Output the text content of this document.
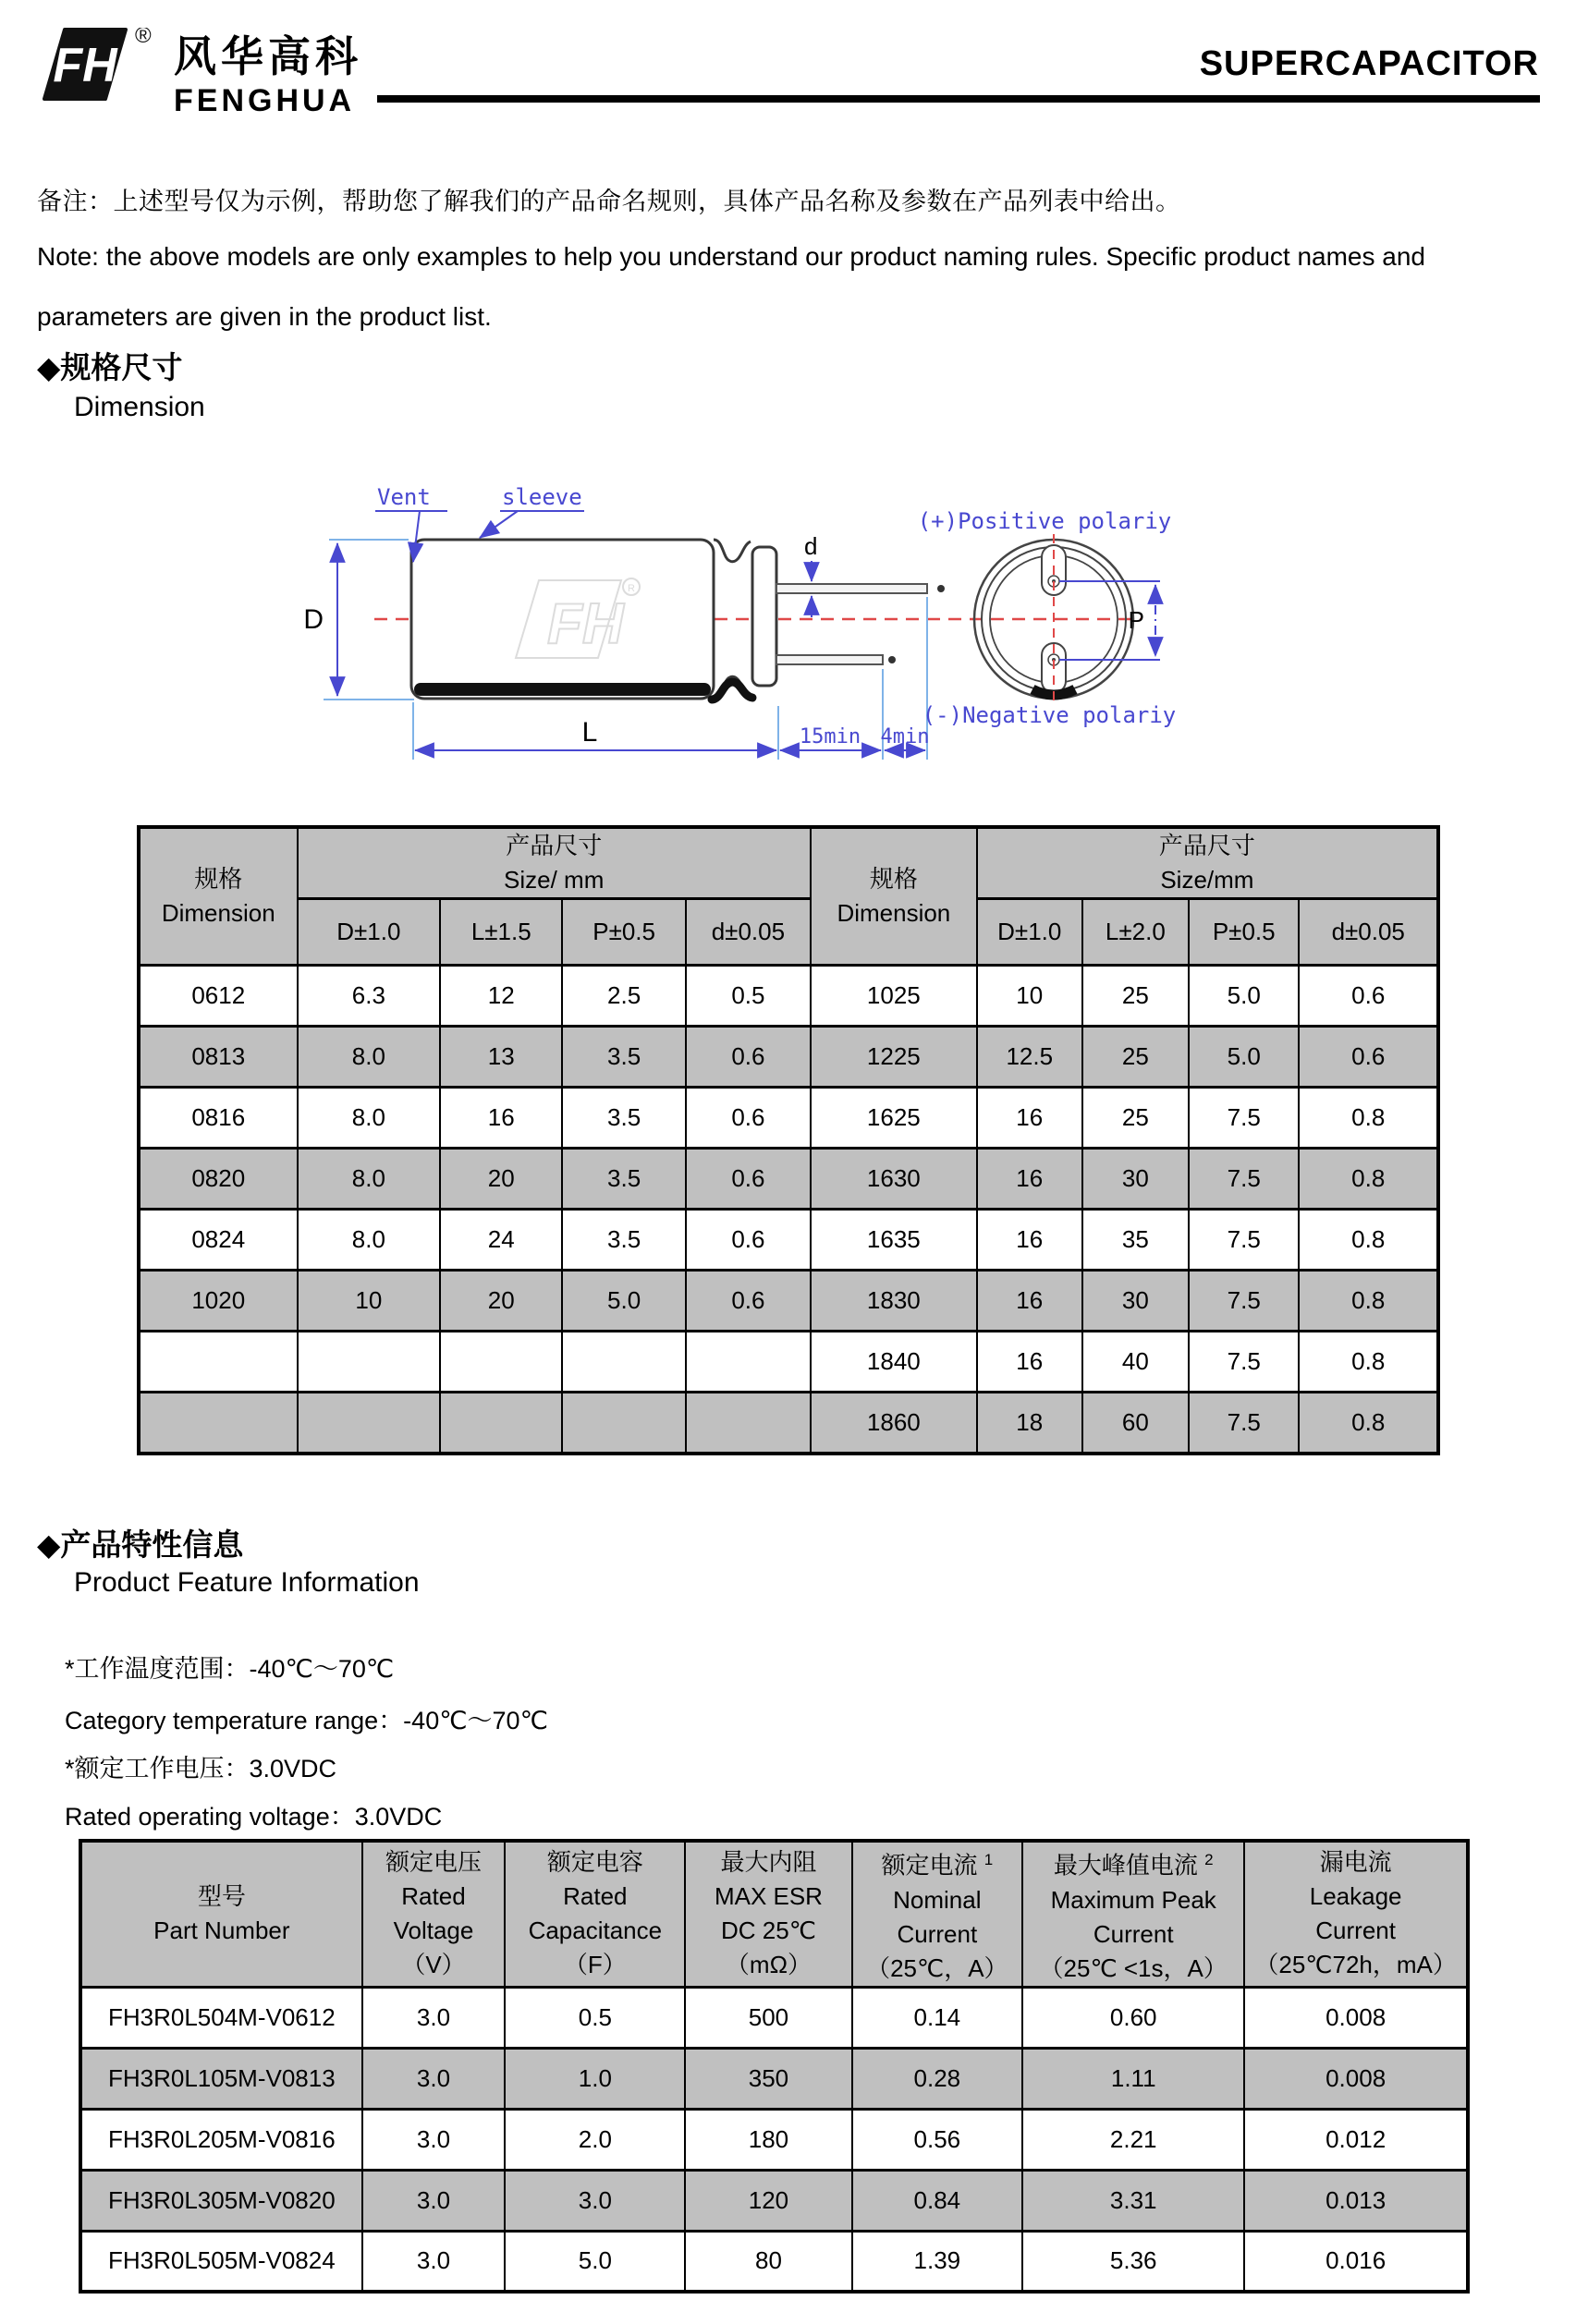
FH
® 风华高科
FENGHUA
SUPERCAPACITOR
备注：上述型号仅为示例，帮助您了解我们的产品命名规则，具体产品名称及参数在产品列表中给出。
Note: the above models are only examples to help you understand our product naming rules. Specific product names and
parameters are given in the product list.
◆规格尺寸
Dimension
FH
R
Vent	sleeve
D
L
d
15min 4min
P
(+)Positive polariy
(-)Negative polariy
规格
Dimension

产品尺寸
Size/ mm	规格
Dimension

产品尺寸
Size/mm

	D±1.0	L±1.5	P±0.5	d±0.05		D±1.0	L±2.0	P±0.5	d±0.05
0612	6.3	12	2.5	0.5	1025	10	25	5.0	0.6
0813	8.0	13	3.5	0.6	1225	12.5	25	5.0	0.6
0816	8.0	16	3.5	0.6	1625	16	25	7.5	0.8
0820	8.0	20	3.5	0.6	1630	16	30	7.5	0.8
0824	8.0	24	3.5	0.6	1635	16	35	7.5	0.8
1020	10	20	5.0	0.6	1830	16	30	7.5	0.8
					1840	16	40	7.5	0.8
					1860	18	60	7.5	0.8
◆产品特性信息
Product Feature Information
*工作温度范围：-40℃～70℃
Category temperature range：-40℃～70℃
*额定工作电压：3.0VDC
Rated operating voltage：3.0VDC
型号
Part Number

额定电压
Rated
Voltage
（V）

额定电容
Rated
Capacitance
（F）

最大内阻
MAX ESR
DC 25℃
（mΩ）

额定电流 $^1$
Nominal
Current
（25℃，A）

最大峰值电流 $^2$
Maximum Peak
Current
（25℃ <1s，A）

漏电流
Leakage
Current
（25℃72h，mA）

FH3R0L504M-V0612	3.0	0.5	500	0.14	0.60	0.008
FH3R0L105M-V0813	3.0	1.0	350	0.28	1.11	0.008
FH3R0L205M-V0816	3.0	2.0	180	0.56	2.21	0.012
FH3R0L305M-V0820	3.0	3.0	120	0.84	3.31	0.013
FH3R0L505M-V0824	3.0	5.0	80	1.39	5.36	0.016
